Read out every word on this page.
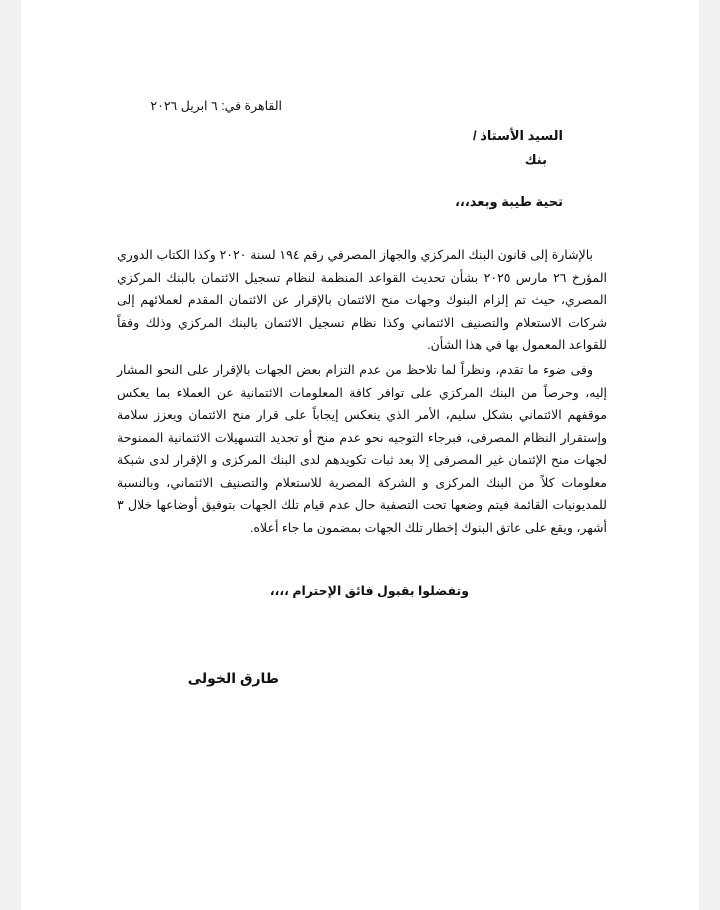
القاهرة في: ٦ ابريل ٢٠٢٦
السيد الأستاذ /
بنك
تحية طيبة وبعد،،،
بالإشارة إلى قانون البنك المركزي والجهاز المصرفي رقم ١٩٤ لسنة ٢٠٢٠ وكذا الكتاب الدوري المؤرخ ٢٦ مارس ٢٠٢٥ بشأن تحديث القواعد المنظمة لنظام تسجيل الائتمان بالبنك المركزي المصري، حيث تم إلزام البنوك وجهات منح الائتمان بالإقرار عن الائتمان المقدم لعملائهم إلى شركات الاستعلام والتصنيف الائتماني وكذا نظام تسجيل الائتمان بالبنك المركزي وذلك وفقاً للقواعد المعمول بها في هذا الشأن.
وفى ضوء ما تقدم، ونظراً لما تلاحظ من عدم التزام بعض الجهات بالإقرار على النحو المشار إليه، وحرصاً من البنك المركزي على توافر كافة المعلومات الائتمانية عن العملاء بما يعكس موقفهم الائتماني بشكل سليم، الأمر الذي ينعكس إيجاباً على قرار منح الائتمان ويعزز سلامة وإستقرار النظام المصرفى، فبرجاء التوجيه نحو عدم منح أو تجديد التسهيلات الائتمانية الممنوحة لجهات منح الإئتمان غير المصرفى إلا بعد ثبات تكويدهم لدى البنك المركزى و الإقرار لدى شبكة معلومات كلاً من البنك المركزى و الشركة المصرية للاستعلام والتصنيف الائتماني، وبالنسبة للمديونيات القائمة فيتم وضعها تحت التصفية حال عدم قيام تلك الجهات بتوفيق أوضاعها خلال ٣ أشهر، ويقع على عاتق البنوك إخطار تلك الجهات بمضمون ما جاء أعلاه.
وتفضلوا بقبول فائق الإحترام ،،،،
طارق الخولى
